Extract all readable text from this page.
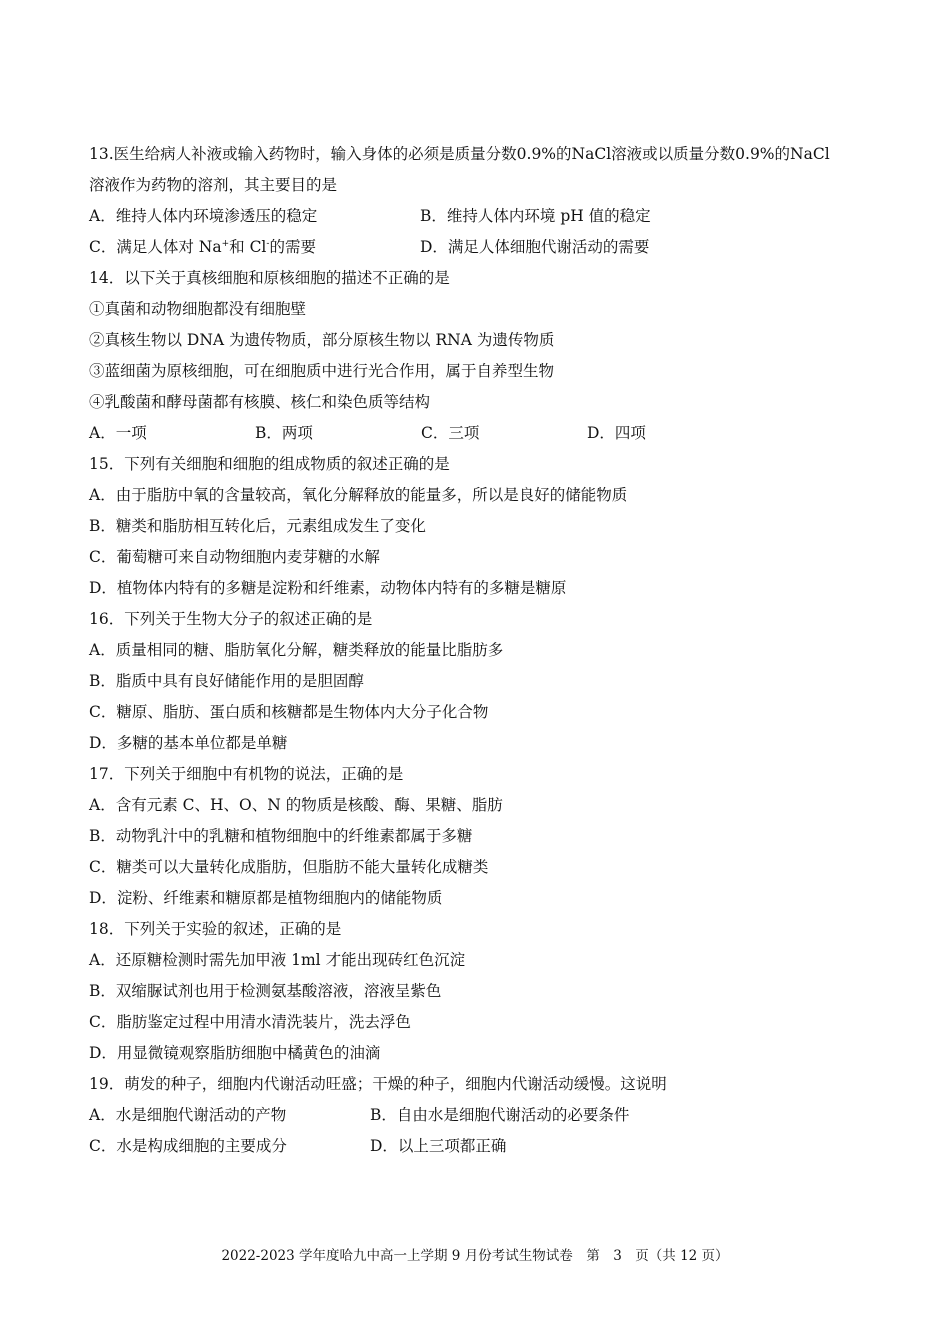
13.医生给病人补液或输入药物时，输入身体的必须是质量分数0.9%的NaCl溶液或以质量分数0.9%的NaCl
溶液作为药物的溶剂，其主要目的是
A．维持人体内环境渗透压的稳定	B．维持人体内环境 pH 值的稳定
C．满足人体对 Na+和 Cl-的需要	D．满足人体细胞代谢活动的需要
14．以下关于真核细胞和原核细胞的描述不正确的是
①真菌和动物细胞都没有细胞壁
②真核生物以 DNA 为遗传物质，部分原核生物以 RNA 为遗传物质
③蓝细菌为原核细胞，可在细胞质中进行光合作用，属于自养型生物
④乳酸菌和酵母菌都有核膜、核仁和染色质等结构
A．一项	B．两项	C．三项	D．四项
15．下列有关细胞和细胞的组成物质的叙述正确的是
A．由于脂肪中氧的含量较高，氧化分解释放的能量多，所以是良好的储能物质
B．糖类和脂肪相互转化后，元素组成发生了变化
C．葡萄糖可来自动物细胞内麦芽糖的水解
D．植物体内特有的多糖是淀粉和纤维素，动物体内特有的多糖是糖原
16．下列关于生物大分子的叙述正确的是
A．质量相同的糖、脂肪氧化分解，糖类释放的能量比脂肪多
B．脂质中具有良好储能作用的是胆固醇
C．糖原、脂肪、蛋白质和核糖都是生物体内大分子化合物
D．多糖的基本单位都是单糖
17．下列关于细胞中有机物的说法，正确的是
A．含有元素 C、H、O、N 的物质是核酸、酶、果糖、脂肪
B．动物乳汁中的乳糖和植物细胞中的纤维素都属于多糖
C．糖类可以大量转化成脂肪，但脂肪不能大量转化成糖类
D．淀粉、纤维素和糖原都是植物细胞内的储能物质
18．下列关于实验的叙述，正确的是
A．还原糖检测时需先加甲液 1ml 才能出现砖红色沉淀
B．双缩脲试剂也用于检测氨基酸溶液，溶液呈紫色
C．脂肪鉴定过程中用清水清洗装片，洗去浮色
D．用显微镜观察脂肪细胞中橘黄色的油滴
19．萌发的种子，细胞内代谢活动旺盛；干燥的种子，细胞内代谢活动缓慢。这说明
A．水是细胞代谢活动的产物	B．自由水是细胞代谢活动的必要条件
C．水是构成细胞的主要成分	D．以上三项都正确
2022-2023 学年度哈九中高一上学期 9 月份考试生物试卷　第　3　页（共 12 页）
